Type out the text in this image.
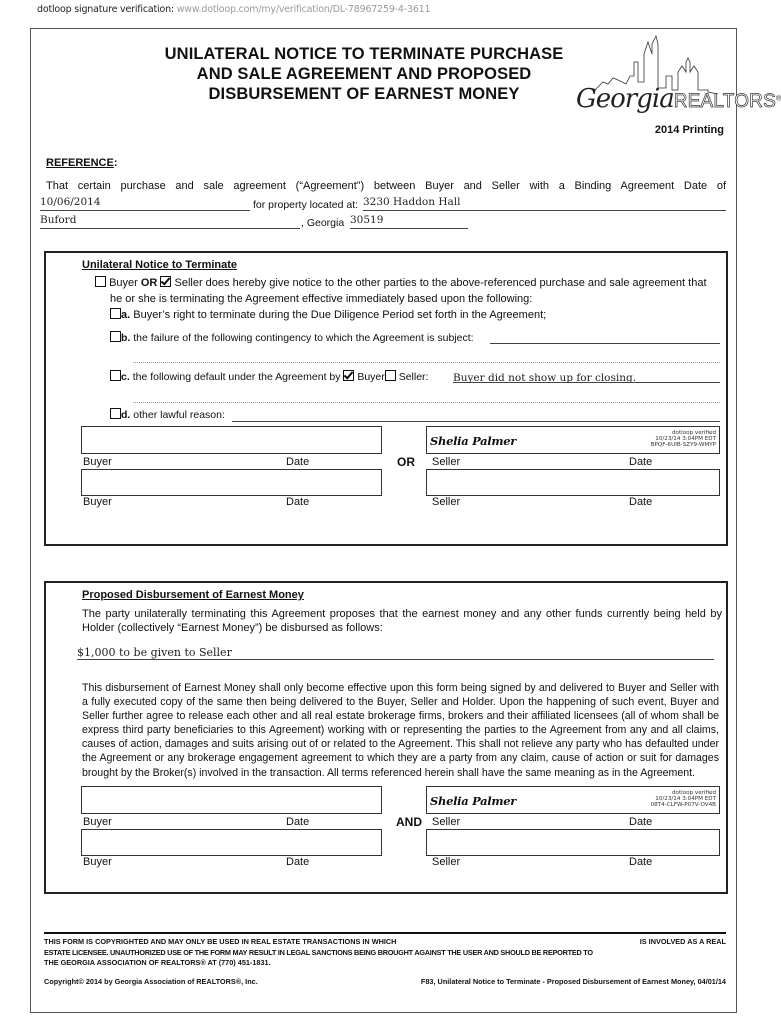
dotloop signature verification: www.dotloop.com/my/verification/DL-78967259-4-3611
UNILATERAL NOTICE TO TERMINATE PURCHASE
AND SALE AGREEMENT AND PROPOSED
DISBURSEMENT OF EARNEST MONEY	GeorgiaREALTORS®
2014 Printing
REFERENCE:
That certain purchase and sale agreement (“Agreement”) between Buyer and Seller with a Binding Agreement Date of
10/06/2014	for property located at: 3230 Haddon Hall
Buford	, Georgia 30519
Unilateral Notice to Terminate
Buyer OR Seller does hereby give notice to the other parties to the above-referenced purchase and sale agreement that
he or she is terminating the Agreement effective immediately based upon the following:
a. Buyer’s right to terminate during the Due Diligence Period set forth in the Agreement;
b. the failure of the following contingency to which the Agreement is subject:
c. the following default under the Agreement by Buyer Seller: Buyer did not show up for closing.
d. other lawful reason:
Buyer	Date
Buyer	Date
OR
Shelia Palmer
dotloop verified
10/23/14 3:04PM EDT
BPQF-6UIB-SZY9-WMYP
Seller	Date
Seller	Date
Proposed Disbursement of Earnest Money
The party unilaterally terminating this Agreement proposes that the earnest money and any other funds currently being held by Holder (collectively “Earnest Money”) be disbursed as follows:
$1,000 to be given to Seller
This disbursement of Earnest Money shall only become effective upon this form being signed by and delivered to Buyer and Seller with a fully executed copy of the same then being delivered to the Buyer, Seller and Holder. Upon the happening of such event, Buyer and Seller further agree to release each other and all real estate brokerage firms, brokers and their affiliated licensees (all of whom shall be express third party beneficiaries to this Agreement) working with or representing the parties to the Agreement from any and all claims, causes of action, damages and suits arising out of or related to the Agreement. This shall not relieve any party who has defaulted under the Agreement or any brokerage engagement agreement to which they are a party from any claim, cause of action or suit for damages brought by the Broker(s) involved in the transaction. All terms referenced herein shall have the same meaning as in the Agreement.
Buyer	Date
Buyer	Date
AND
Shelia Palmer
dotloop verified
10/23/14 3:04PM EDT
08T4-CLFW-P07V-OV4B
Seller	Date
Seller	Date
THIS FORM IS COPYRIGHTED AND MAY ONLY BE USED IN REAL ESTATE TRANSACTIONS IN WHICH	IS INVOLVED AS A REAL
ESTATE LICENSEE. UNAUTHORIZED USE OF THE FORM MAY RESULT IN LEGAL SANCTIONS BEING BROUGHT AGAINST THE USER AND SHOULD BE REPORTED TO
THE GEORGIA ASSOCIATION OF REALTORS® AT (770) 451-1831.
Copyright© 2014 by Georgia Association of REALTORS®, Inc.	F83, Unilateral Notice to Terminate - Proposed Disbursement of Earnest Money, 04/01/14
